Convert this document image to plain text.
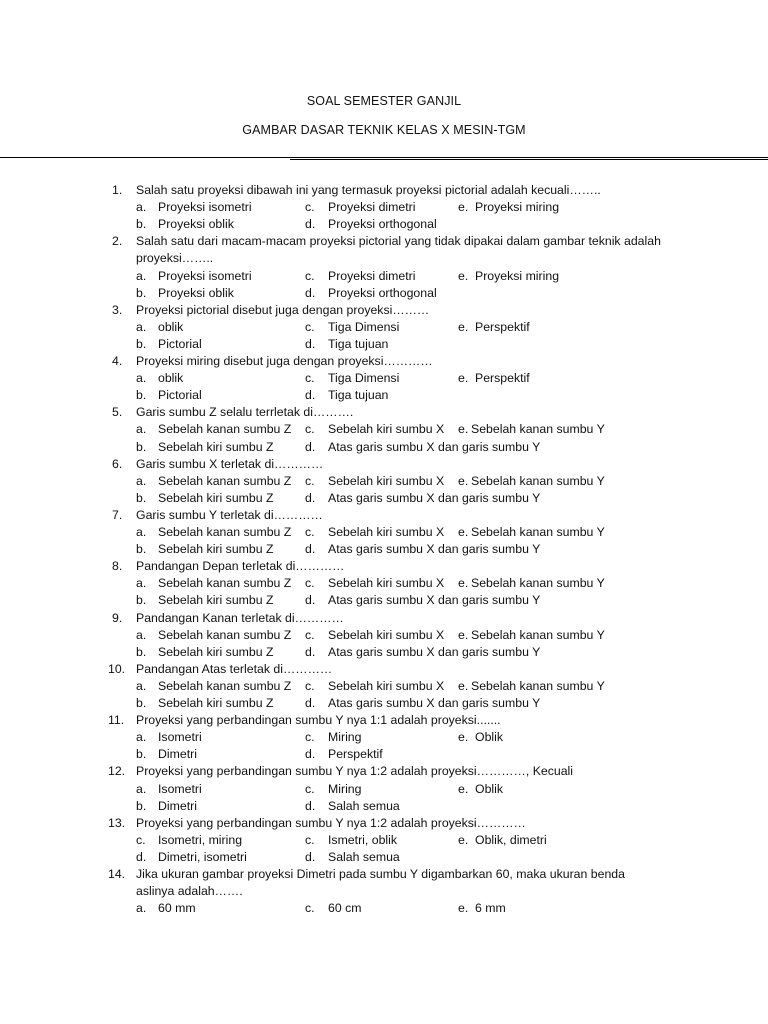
SOAL SEMESTER GANJIL
GAMBAR DASAR TEKNIK KELAS X MESIN-TGM
1. Salah satu proyeksi dibawah ini yang termasuk proyeksi pictorial adalah kecuali……..
a. Proyeksi isometri	c. Proyeksi dimetri	e. Proyeksi miring
b. Proyeksi oblik	d. Proyeksi orthogonal
2. Salah satu dari macam-macam proyeksi pictorial yang tidak dipakai dalam gambar teknik adalah
proyeksi……..
a. Proyeksi isometri	c. Proyeksi dimetri	e. Proyeksi miring
b. Proyeksi oblik	d. Proyeksi orthogonal
3. Proyeksi pictorial disebut juga dengan proyeksi………
a. oblik	c. Tiga Dimensi	e. Perspektif
b. Pictorial	d. Tiga tujuan
4. Proyeksi miring disebut juga dengan proyeksi…………
a. oblik	c. Tiga Dimensi	e. Perspektif
b. Pictorial	d. Tiga tujuan
5. Garis sumbu Z selalu terrletak di……….
a. Sebelah kanan sumbu Z c. Sebelah kiri sumbu X e. Sebelah kanan sumbu Y
b. Sebelah kiri sumbu Z	d. Atas garis sumbu X dan garis sumbu Y
6. Garis sumbu X terletak di…………
a. Sebelah kanan sumbu Z c. Sebelah kiri sumbu X e. Sebelah kanan sumbu Y
b. Sebelah kiri sumbu Z	d. Atas garis sumbu X dan garis sumbu Y
7. Garis sumbu Y terletak di…………
a. Sebelah kanan sumbu Z c. Sebelah kiri sumbu X e. Sebelah kanan sumbu Y
b. Sebelah kiri sumbu Z	d. Atas garis sumbu X dan garis sumbu Y
8. Pandangan Depan terletak di…………
a. Sebelah kanan sumbu Z c. Sebelah kiri sumbu X e. Sebelah kanan sumbu Y
b. Sebelah kiri sumbu Z	d. Atas garis sumbu X dan garis sumbu Y
9. Pandangan Kanan terletak di…………
a. Sebelah kanan sumbu Z c. Sebelah kiri sumbu X e. Sebelah kanan sumbu Y
b. Sebelah kiri sumbu Z	d. Atas garis sumbu X dan garis sumbu Y
10. Pandangan Atas terletak di…………
a. Sebelah kanan sumbu Z c. Sebelah kiri sumbu X e. Sebelah kanan sumbu Y
b. Sebelah kiri sumbu Z	d. Atas garis sumbu X dan garis sumbu Y
11. Proyeksi yang perbandingan sumbu Y nya 1:1 adalah proyeksi.......
a. Isometri	c. Miring	e. Oblik
b. Dimetri	d. Perspektif
12. Proyeksi yang perbandingan sumbu Y nya 1:2 adalah proyeksi…………, Kecuali
a. Isometri	c. Miring	e. Oblik
b. Dimetri	d. Salah semua
13. Proyeksi yang perbandingan sumbu Y nya 1:2 adalah proyeksi…………
c. Isometri, miring	c. Ismetri, oblik	e. Oblik, dimetri
d. Dimetri, isometri	d. Salah semua
14. Jika ukuran gambar proyeksi Dimetri pada sumbu Y digambarkan 60, maka ukuran benda
aslinya adalah…….
a. 60 mm	c. 60 cm	e. 6 mm
